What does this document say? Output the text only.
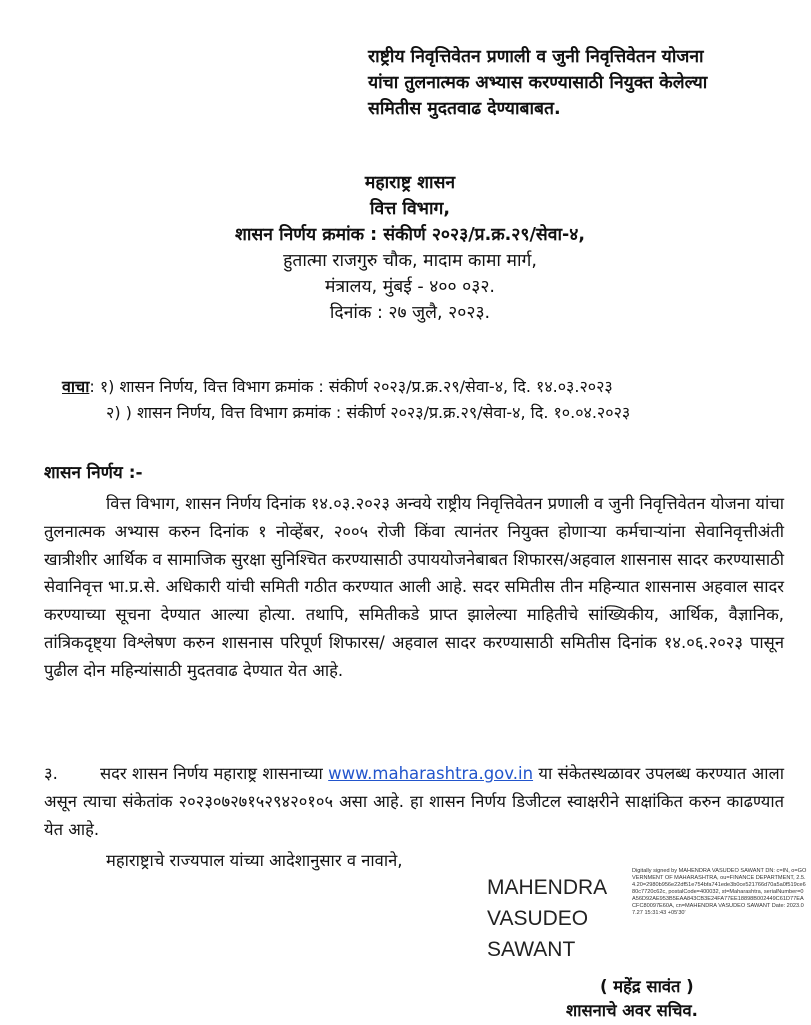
राष्ट्रीय निवृत्तिवेतन प्रणाली व जुनी निवृत्तिवेतन योजना
यांचा तुलनात्मक अभ्यास करण्यासाठी नियुक्त केलेल्या
समितीस मुदतवाढ देण्याबाबत.
महाराष्ट्र शासन
वित्त विभाग,
शासन निर्णय क्रमांक : संकीर्ण २०२३/प्र.क्र.२९/सेवा-४,
हुतात्मा राजगुरु चौक, मादाम कामा मार्ग,
मंत्रालय, मुंबई - ४०० ०३२.
दिनांक : २७ जुलै, २०२३.
वाचा: १) शासन निर्णय, वित्त विभाग क्रमांक : संकीर्ण २०२३/प्र.क्र.२९/सेवा-४, दि. १४.०३.२०२३
२) ) शासन निर्णय, वित्त विभाग क्रमांक : संकीर्ण २०२३/प्र.क्र.२९/सेवा-४, दि. १०.०४.२०२३
शासन निर्णय :-
वित्त विभाग, शासन निर्णय दिनांक १४.०३.२०२३ अन्वये राष्ट्रीय निवृत्तिवेतन प्रणाली व जुनी निवृत्तिवेतन योजना यांचा तुलनात्मक अभ्यास करुन दिनांक १ नोव्हेंबर, २००५ रोजी किंवा त्यानंतर नियुक्त होणाऱ्या कर्मचाऱ्यांना सेवानिवृत्तीअंती खात्रीशीर आर्थिक व सामाजिक सुरक्षा सुनिश्चित करण्यासाठी उपाययोजनेबाबत शिफारस/अहवाल शासनास सादर करण्यासाठी सेवानिवृत्त भा.प्र.से. अधिकारी यांची समिती गठीत करण्यात आली आहे. सदर समितीस तीन महिन्यात शासनास अहवाल सादर करण्याच्या सूचना देण्यात आल्या होत्या. तथापि, समितीकडे प्राप्त झालेल्या माहितीचे सांख्यिकीय, आर्थिक, वैज्ञानिक, तांत्रिकदृष्ट्या विश्लेषण करुन शासनास परिपूर्ण शिफारस/ अहवाल सादर करण्यासाठी समितीस दिनांक १४.०६.२०२३ पासून पुढील दोन महिन्यांसाठी मुदतवाढ देण्यात येत आहे.
३.	सदर शासन निर्णय महाराष्ट्र शासनाच्या www.maharashtra.gov.in या संकेतस्थळावर उपलब्ध करण्यात आला असून त्याचा संकेतांक २०२३०७२७१५२९४२०१०५ असा आहे. हा शासन निर्णय डिजीटल स्वाक्षरीने साक्षांकित करुन काढण्यात येत आहे.
महाराष्ट्राचे राज्यपाल यांच्या आदेशानुसार व नावाने,
MAHENDRA
VASUDEO
SAWANT
Digitally signed by MAHENDRA VASUDEO SAWANT DN: c=IN, o=GOVERNMENT OF MAHARASHTRA, ou=FINANCE DEPARTMENT, 2.5.4.20=2980b956e22df51e754bfa741ede3b0ce521766d70a5a0f519ce680c7720c62c, postalCode=400032, st=Maharashtra, serialNumber=0A56D92AE953B5EAA843CB3E24FA77EE18898B002449C61D77EACFC80097E60A, cn=MAHENDRA VASUDEO SAWANT Date: 2023.07.27 15:31:43 +05'30'
( महेंद्र सावंत )
शासनाचे अवर सचिव.
